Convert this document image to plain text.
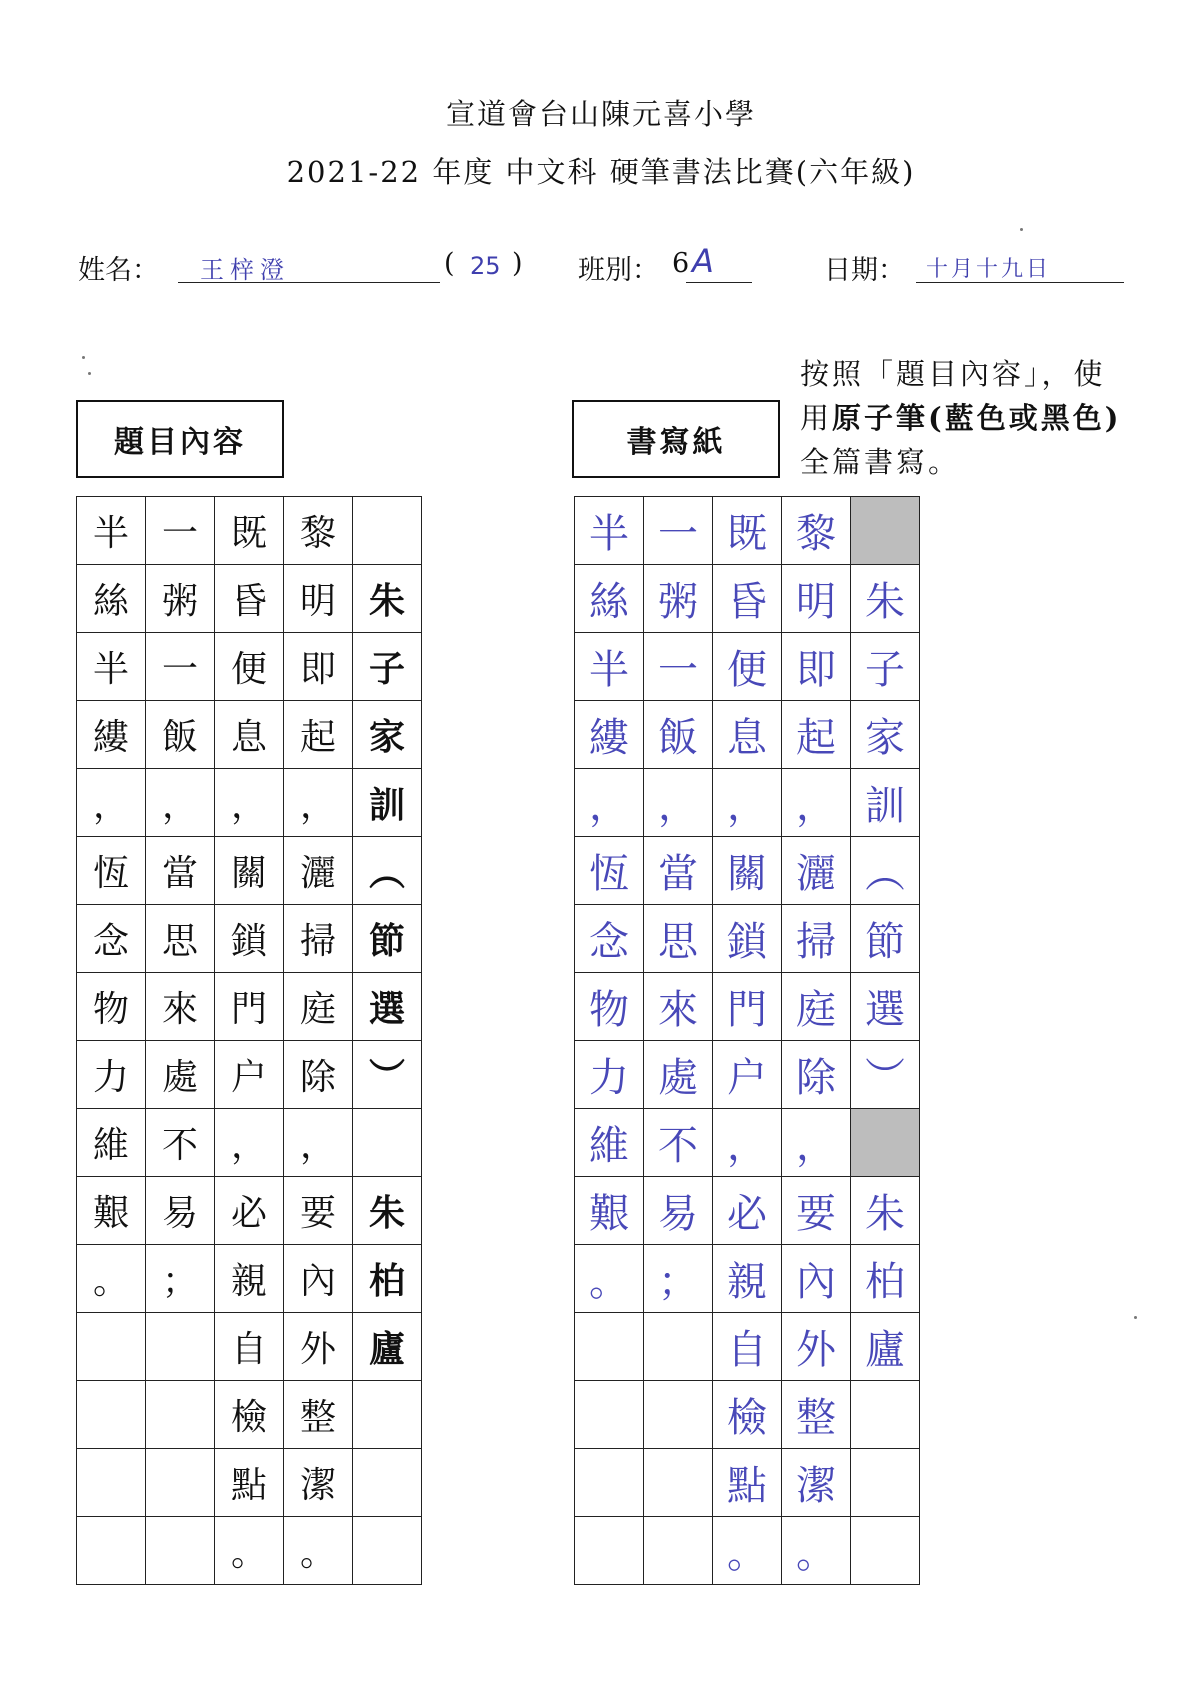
宣道會台山陳元喜小學
2021-22 年度 中文科 硬筆書法比賽(六年級)
姓名： 王梓澄	( 25 ) 班別： 6 A	日期： 十月十九日
按照「題目內容」，使
用原子筆(藍色或黑色)
全篇書寫。
題目內容	書寫紙
半	一	既	黎	
絲	粥	昏	明	朱
半	一	便	即	子
縷	飯	息	起	家
，	，	，	，	訓
恆	當	關	灑	︵
念	思	鎖	掃	節
物	來	門	庭	選
力	處	户	除	︶
維	不	，	，	
艱	易	必	要	朱
。	；	親	內	柏
		自	外	廬
		檢	整	
		點	潔	
		。	。	
半	一	既	黎	
絲	粥	昏	明	朱
半	一	便	即	子
縷	飯	息	起	家
，	，	，	，	訓
恆	當	關	灑	︵
念	思	鎖	掃	節
物	來	門	庭	選
力	處	户	除	︶
維	不	，	，	
艱	易	必	要	朱
。	；	親	內	柏
		自	外	廬
		檢	整	
		點	潔	
		。	。	
